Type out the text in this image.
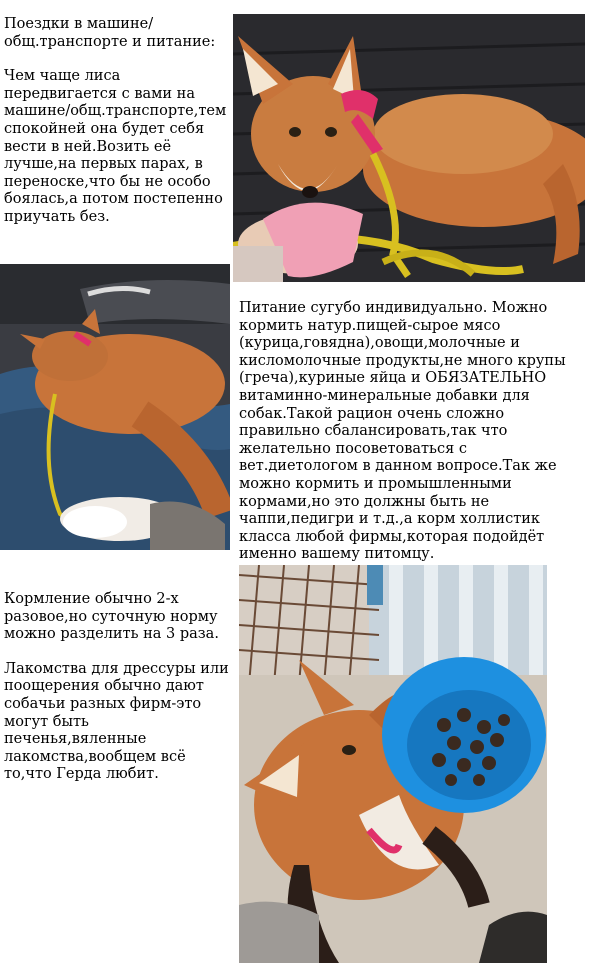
Поездки в машине/общ.транспорте и питание:

Чем чаще лиса передвигается с вами на машине/общ.транспорте,тем спокойней она будет себя вести в ней.Возить её лучше,на первых парах, в переноске,что бы не особо боялась,а потом постепенно приучать без.

Питание сугубо индивидуально. Можно кормить натур.пищей-сырое мясо (курица,говядна),овощи,молочные и кисломолочные продукты,не много крупы (греча),куриные яйца и ОБЯЗАТЕЛЬНО витаминно-минеральные добавки для собак.Такой рацион очень сложно правильно сбалансировать,так что желательно посоветоваться с вет.диетологом в данном вопросе.Так же можно кормить и промышленными кормами,но это должны быть не чаппи,педигри и т.д.,а корм холлистик класса любой фирмы,которая подойдёт именно вашему питомцу.

Кормление обычно 2-х разовое,но суточную норму можно разделить на 3 раза.

Лакомства для дрессуры или поощерения обычно дают собачьи разных фирм-это могут быть печенья,вяленные лакомства,вообщем всё то,что Герда любит.
